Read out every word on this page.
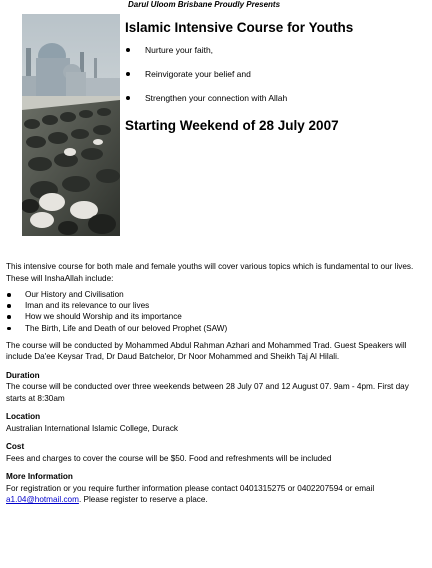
Darul Uloom Brisbane Proudly Presents
Islamic Intensive Course for Youths
Nurture your faith,
Reinvigorate your belief and
Strengthen your connection with Allah
Starting Weekend of 28 July 2007

This intensive course for both male and female youths will cover various topics which is fundamental to our lives. These will InshaAllah include:

Our History and Civilisation
Iman and its relevance to our lives
How we should Worship and its importance
The Birth, Life and Death of our beloved Prophet (SAW)

The course will be conducted by Mohammed Abdul Rahman Azhari and Mohammed Trad. Guest Speakers will include Da'ee Keysar Trad, Dr Daud Batchelor, Dr Noor Mohammed and Sheikh Taj Al Hilali.

Duration

The course will be conducted over three weekends between 28 July 07 and 12 August 07. 9am - 4pm. First day starts at 8:30am

Location

Australian International Islamic College, Durack

Cost

Fees and charges to cover the course will be $50. Food and refreshments will be included

More Information

For registration or you require further information please contact 0401315275 or 0402207594 or email a1.04@hotmail.com. Please register to reserve a place.
